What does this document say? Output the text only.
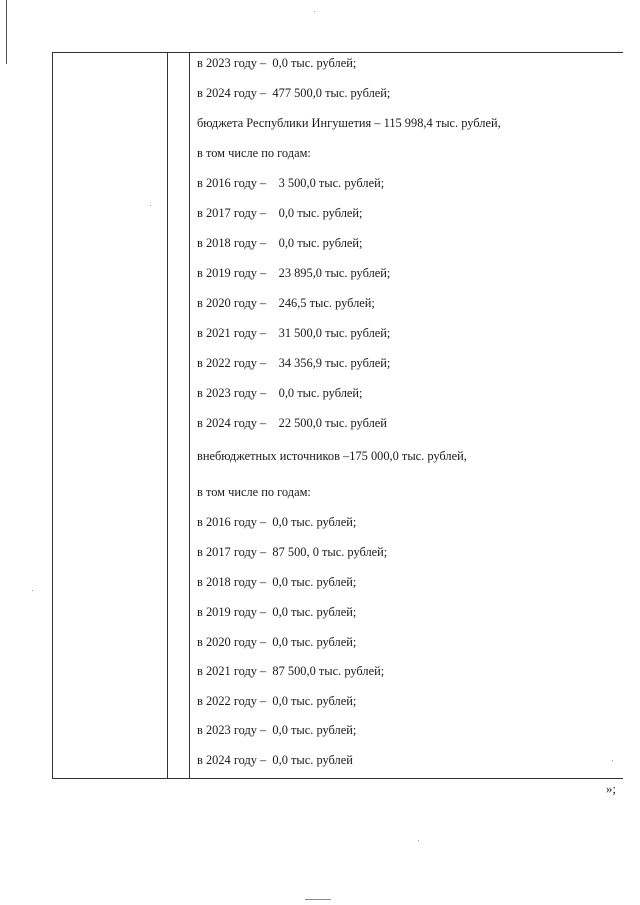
в 2023 году –  0,0 тыс. рублей;
в 2024 году –  477 500,0 тыс. рублей;
бюджета Республики Ингушетия – 115 998,4 тыс. рублей,
в том числе по годам:
в 2016 году –    3 500,0 тыс. рублей;
в 2017 году –    0,0 тыс. рублей;
в 2018 году –    0,0 тыс. рублей;
в 2019 году –    23 895,0 тыс. рублей;
в 2020 году –    246,5 тыс. рублей;
в 2021 году –    31 500,0 тыс. рублей;
в 2022 году –    34 356,9 тыс. рублей;
в 2023 году –    0,0 тыс. рублей;
в 2024 году –    22 500,0 тыс. рублей
внебюджетных источников –175 000,0 тыс. рублей,
в том числе по годам:
в 2016 году –  0,0 тыс. рублей;
в 2017 году –  87 500, 0 тыс. рублей;
в 2018 году –  0,0 тыс. рублей;
в 2019 году –  0,0 тыс. рублей;
в 2020 году –  0,0 тыс. рублей;
в 2021 году –  87 500,0 тыс. рублей;
в 2022 году –  0,0 тыс. рублей;
в 2023 году –  0,0 тыс. рублей;
в 2024 году –  0,0 тыс. рублей
»;
